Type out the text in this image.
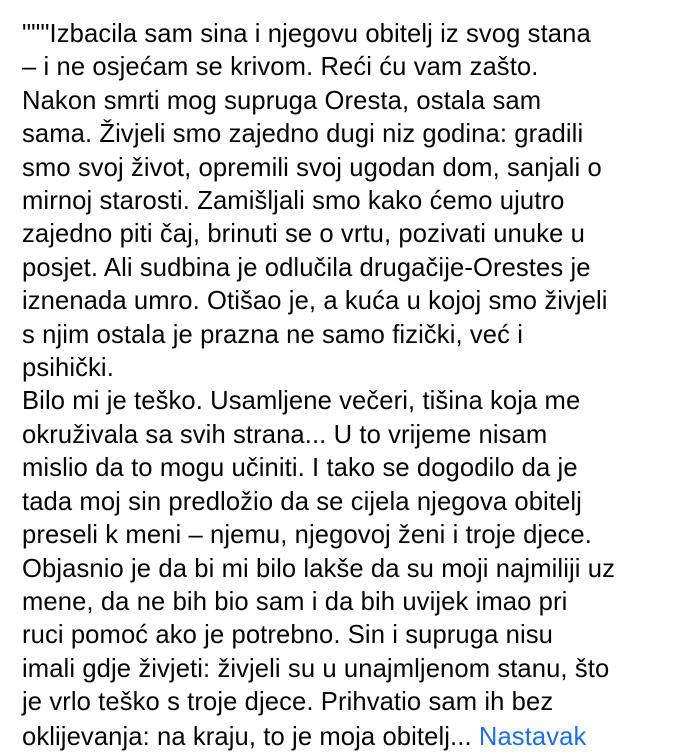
"""Izbacila sam sina i njegovu obitelj iz svog stana
– i ne osjećam se krivom. Reći ću vam zašto.
Nakon smrti mog supruga Oresta, ostala sam
sama. Živjeli smo zajedno dugi niz godina: gradili
smo svoj život, opremili svoj ugodan dom, sanjali o
mirnoj starosti. Zamišljali smo kako ćemo ujutro
zajedno piti čaj, brinuti se o vrtu, pozivati unuke u
posjet. Ali sudbina je odlučila drugačije-Orestes je
iznenada umro. Otišao je, a kuća u kojoj smo živjeli
s njim ostala je prazna ne samo fizički, već i
psihički.
Bilo mi je teško. Usamljene večeri, tišina koja me
okruživala sa svih strana... U to vrijeme nisam
mislio da to mogu učiniti. I tako se dogodilo da je
tada moj sin predložio da se cijela njegova obitelj
preseli k meni – njemu, njegovoj ženi i troje djece.
Objasnio je da bi mi bilo lakše da su moji najmiliji uz
mene, da ne bih bio sam i da bih uvijek imao pri
ruci pomoć ako je potrebno. Sin i supruga nisu
imali gdje živjeti: živjeli su u unajmljenom stanu, što
je vrlo teško s troje djece. Prihvatio sam ih bez
oklijevanja: na kraju, to je moja obitelj... Nastavak
